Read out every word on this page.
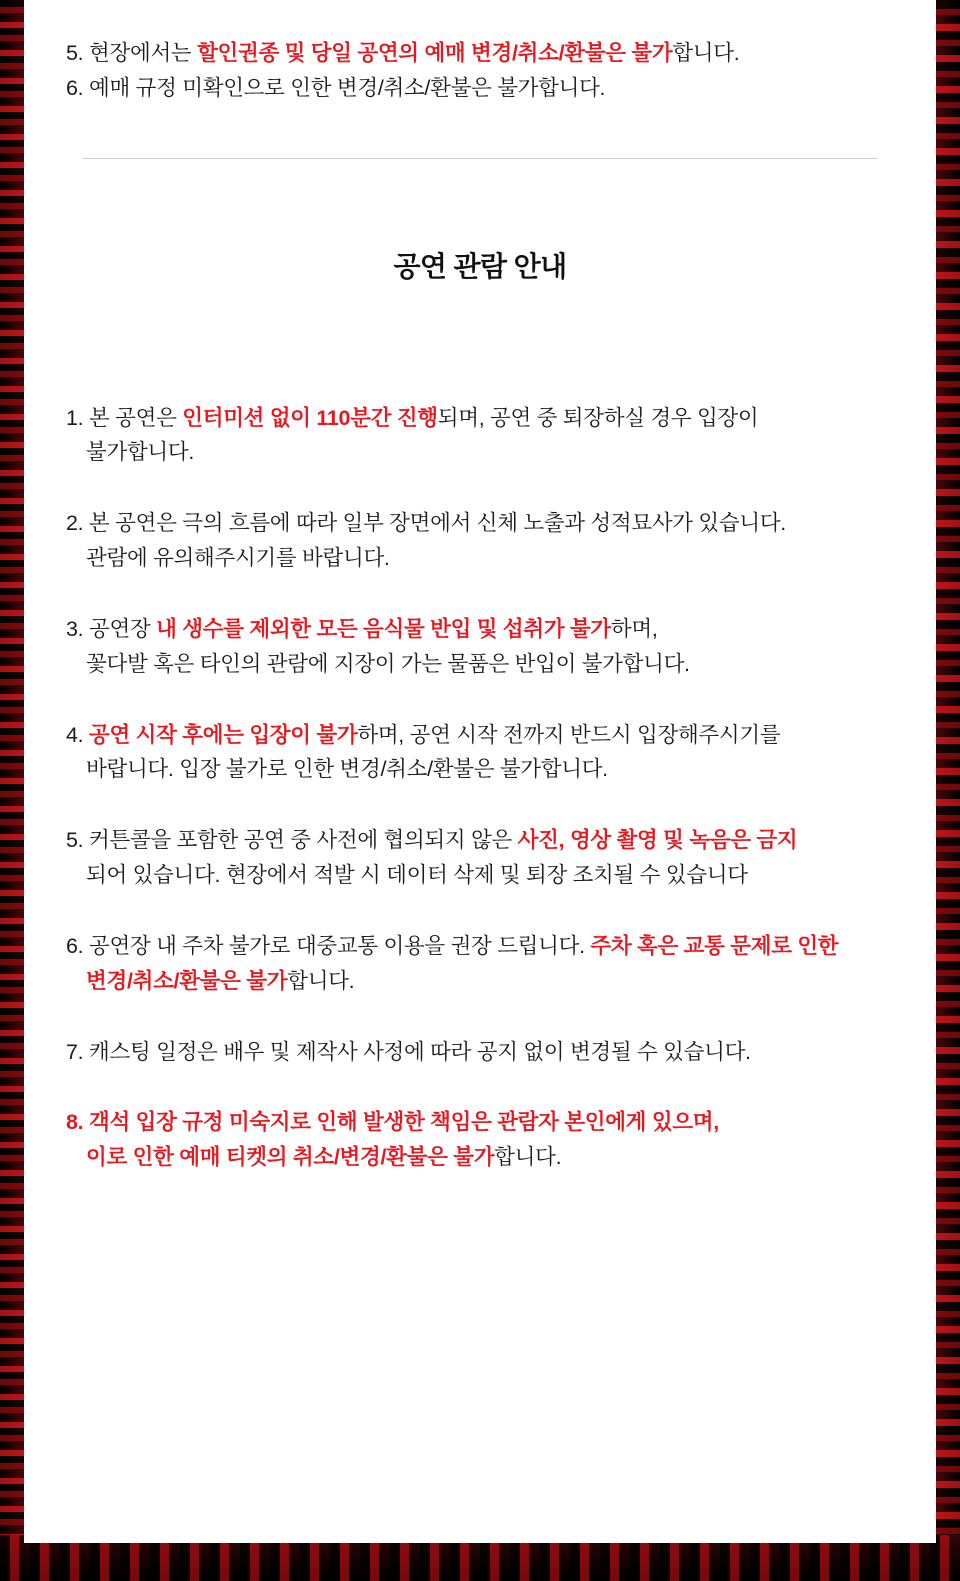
5. 현장에서는 할인권종 및 당일 공연의 예매 변경/취소/환불은 불가합니다.

6. 예매 규정 미확인으로 인한 변경/취소/환불은 불가합니다.

공연 관람 안내

1. 본 공연은 인터미션 없이 110분간 진행되며, 공연 중 퇴장하실 경우 입장이

불가합니다.

2. 본 공연은 극의 흐름에 따라 일부 장면에서 신체 노출과 성적묘사가 있습니다.

관람에 유의해주시기를 바랍니다.

3. 공연장 내 생수를 제외한 모든 음식물 반입 및 섭취가 불가하며,

꽃다발 혹은 타인의 관람에 지장이 가는 물품은 반입이 불가합니다.

4. 공연 시작 후에는 입장이 불가하며, 공연 시작 전까지 반드시 입장해주시기를

바랍니다. 입장 불가로 인한 변경/취소/환불은 불가합니다.

5. 커튼콜을 포함한 공연 중 사전에 협의되지 않은 사진, 영상 촬영 및 녹음은 금지

되어 있습니다. 현장에서 적발 시 데이터 삭제 및 퇴장 조치될 수 있습니다

6. 공연장 내 주차 불가로 대중교통 이용을 권장 드립니다. 주차 혹은 교통 문제로 인한

변경/취소/환불은 불가합니다.

7. 캐스팅 일정은 배우 및 제작사 사정에 따라 공지 없이 변경될 수 있습니다.

8. 객석 입장 규정 미숙지로 인해 발생한 책임은 관람자 본인에게 있으며,

이로 인한 예매 티켓의 취소/변경/환불은 불가합니다.
